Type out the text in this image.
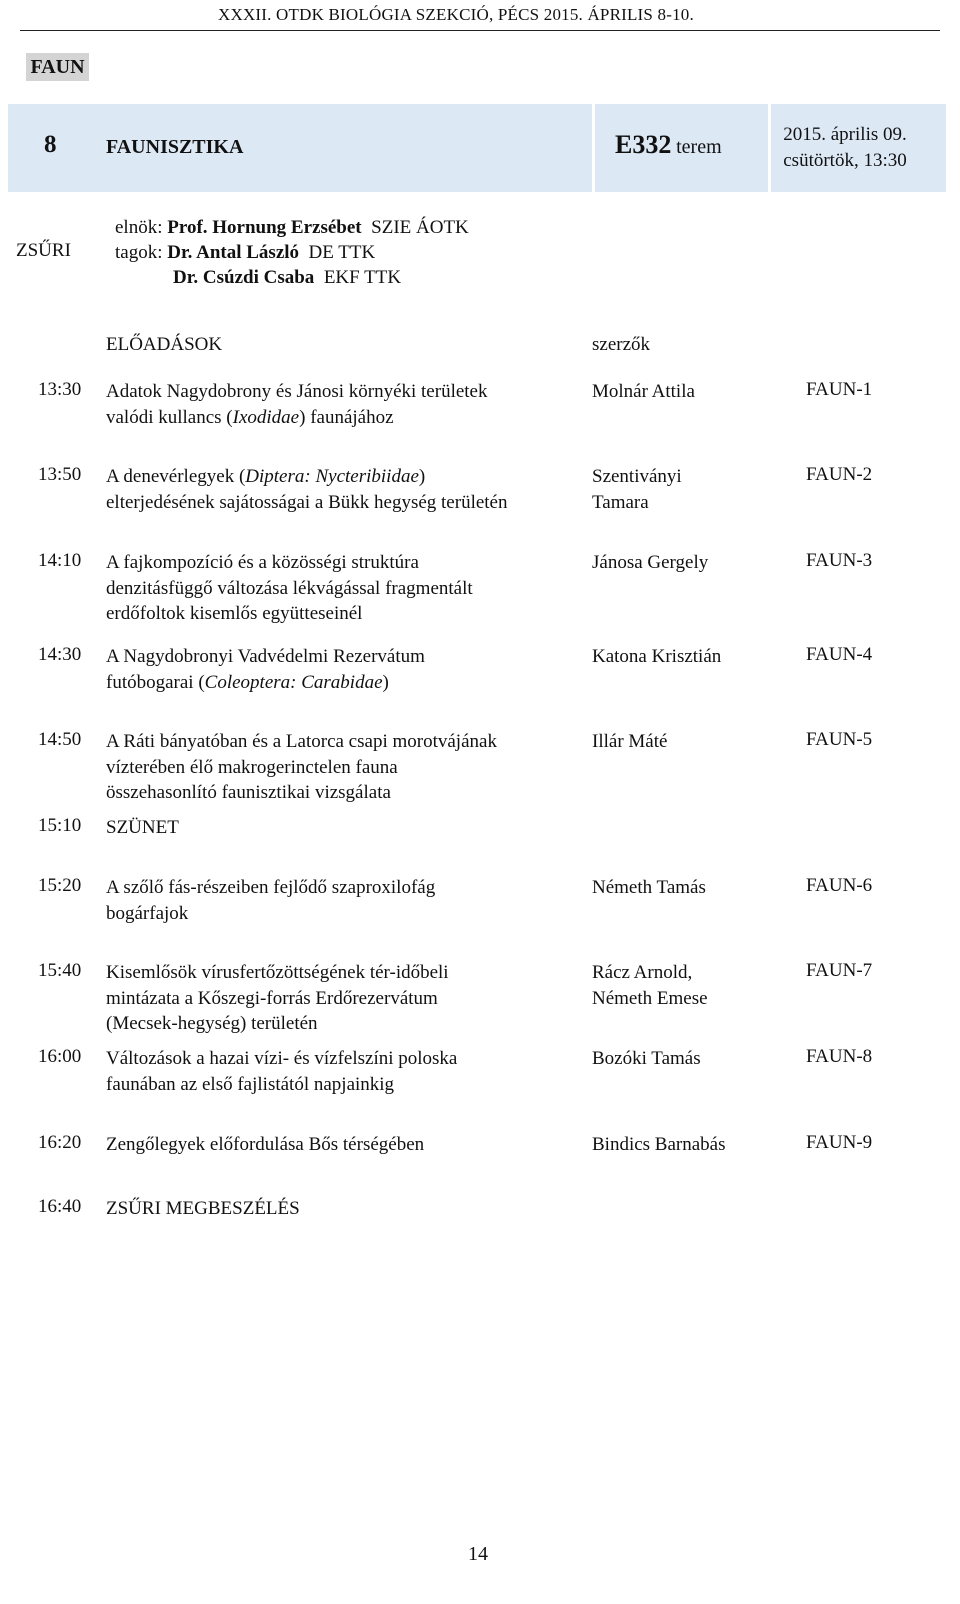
XXXII. OTDK BIOLÓGIA SZEKCIÓ, PÉCS 2015. ÁPRILIS 8-10.
FAUN
8 FAUNISZTIKA	E332 terem
2015. április 09.
csütörtök, 13:30
ZSŰRI
elnök: Prof. Hornung Erzsébet SZIE ÁOTK
tagok: Dr. Antal László DE TTK
Dr. Csúzdi Csaba EKF TTK
ELŐADÁSOK	szerzők
13:30 Adatok Nagydobrony és Jánosi környéki területek
valódi kullancs (Ixodidae) faunájához
Molnár Attila	FAUN-1
13:50 A denevérlegyek (Diptera: Nycteribiidae)
elterjedésének sajátosságai a Bükk hegység területén
Szentiványi
Tamara
FAUN-2
14:10 A fajkompozíció és a közösségi struktúra
denzitásfüggő változása lékvágással fragmentált
erdőfoltok kisemlős együtteseinél
Jánosa Gergely	FAUN-3
14:30 A Nagydobronyi Vadvédelmi Rezervátum
futóbogarai (Coleoptera: Carabidae)
Katona Krisztián	FAUN-4
14:50 A Ráti bányatóban és a Latorca csapi morotvájának
vízterében élő makrogerinctelen fauna
összehasonlító faunisztikai vizsgálata
Illár Máté	FAUN-5
15:10 SZÜNET
15:20 A szőlő fás-részeiben fejlődő szaproxilofág
bogárfajok
Németh Tamás	FAUN-6
15:40 Kisemlősök vírusfertőzöttségének tér-időbeli
mintázata a Kőszegi-forrás Erdőrezervátum
(Mecsek-hegység) területén
Rácz Arnold,
Németh Emese
FAUN-7
16:00 Változások a hazai vízi- és vízfelszíni poloska
faunában az első fajlistától napjainkig
Bozóki Tamás	FAUN-8
16:20 Zengőlegyek előfordulása Bős térségében	Bindics Barnabás	FAUN-9
16:40 ZSŰRI MEGBESZÉLÉS
14
